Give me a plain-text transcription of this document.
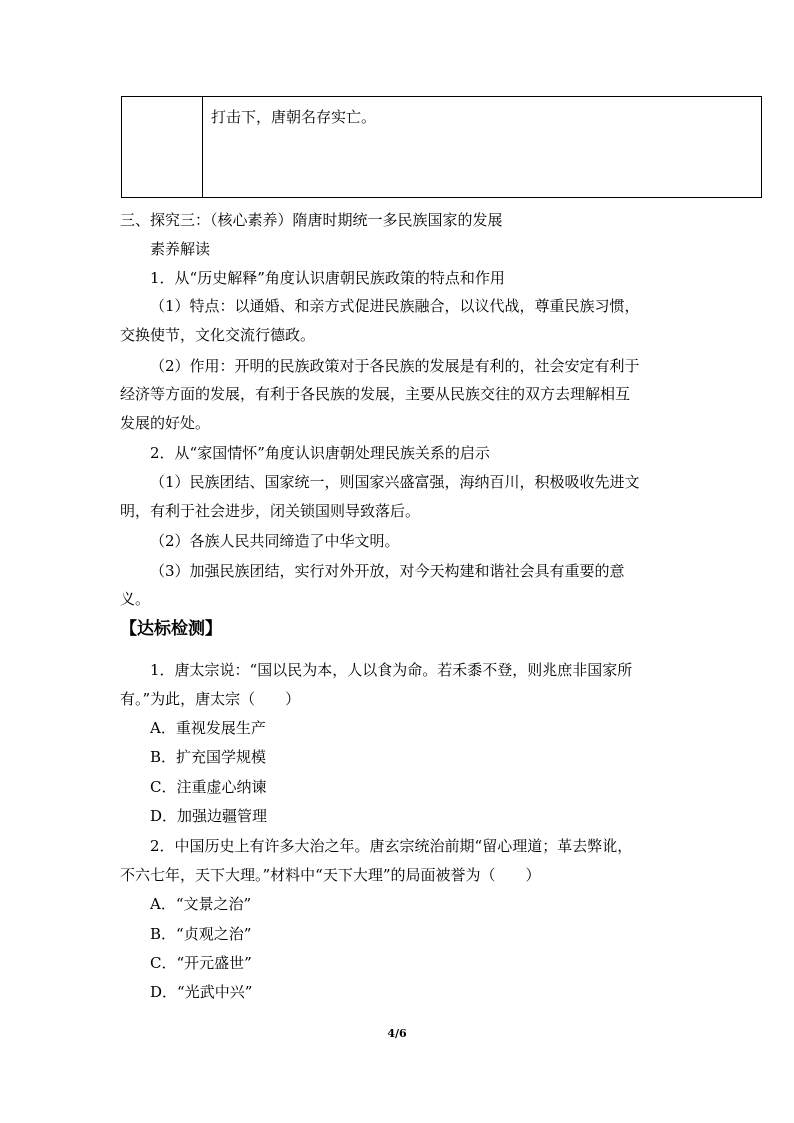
打击下，唐朝名存实亡。
三、探究三：（核心素养）隋唐时期统一多民族国家的发展
素养解读
1．从“历史解释”角度认识唐朝民族政策的特点和作用
（1）特点：以通婚、和亲方式促进民族融合，以议代战，尊重民族习惯，
交换使节，文化交流行德政。
（2）作用：开明的民族政策对于各民族的发展是有利的，社会安定有利于
经济等方面的发展，有利于各民族的发展，主要从民族交往的双方去理解相互
发展的好处。
2．从“家国情怀”角度认识唐朝处理民族关系的启示
（1）民族团结、国家统一，则国家兴盛富强，海纳百川，积极吸收先进文
明，有利于社会进步，闭关锁国则导致落后。
（2）各族人民共同缔造了中华文明。
（3）加强民族团结，实行对外开放，对今天构建和谐社会具有重要的意
义。
【达标检测】
1．唐太宗说：“国以民为本，人以食为命。若禾黍不登，则兆庶非国家所
有。”为此，唐太宗（　　）
A．重视发展生产
B．扩充国学规模
C．注重虚心纳谏
D．加强边疆管理
2．中国历史上有许多大治之年。唐玄宗统治前期“留心理道；革去弊讹，
不六七年，天下大理。”材料中“天下大理”的局面被誉为（　　）
A．“文景之治”
B．“贞观之治”
C．“开元盛世”
D．“光武中兴”
4/6
